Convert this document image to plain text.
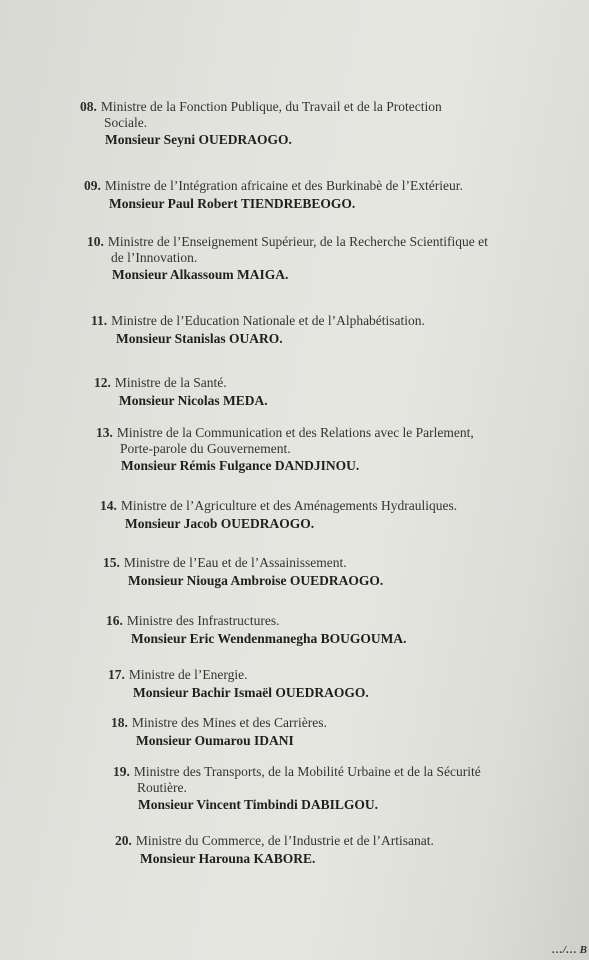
08. Ministre de la Fonction Publique, du Travail et de la Protection
Sociale.
Monsieur Seyni OUEDRAOGO.
09. Ministre de l’Intégration africaine et des Burkinabè de l’Extérieur.
Monsieur Paul Robert TIENDREBEOGO.
10. Ministre de l’Enseignement Supérieur, de la Recherche Scientifique et
de l’Innovation.
Monsieur Alkassoum MAIGA.
11. Ministre de l’Education Nationale et de l’Alphabétisation.
Monsieur Stanislas OUARO.
12. Ministre de la Santé.
Monsieur Nicolas MEDA.
13. Ministre de la Communication et des Relations avec le Parlement,
Porte-parole du Gouvernement.
Monsieur Rémis Fulgance DANDJINOU.
14. Ministre de l’Agriculture et des Aménagements Hydrauliques.
Monsieur Jacob OUEDRAOGO.
15. Ministre de l’Eau et de l’Assainissement.
Monsieur Niouga Ambroise OUEDRAOGO.
16. Ministre des Infrastructures.
Monsieur Eric Wendenmanegha BOUGOUMA.
17. Ministre de l’Energie.
Monsieur Bachir Ismaël OUEDRAOGO.
18. Ministre des Mines et des Carrières.
Monsieur Oumarou IDANI
19. Ministre des Transports, de la Mobilité Urbaine et de la Sécurité
Routière.
Monsieur Vincent Timbindi DABILGOU.
20. Ministre du Commerce, de l’Industrie et de l’Artisanat.
Monsieur Harouna KABORE.
…/… B
